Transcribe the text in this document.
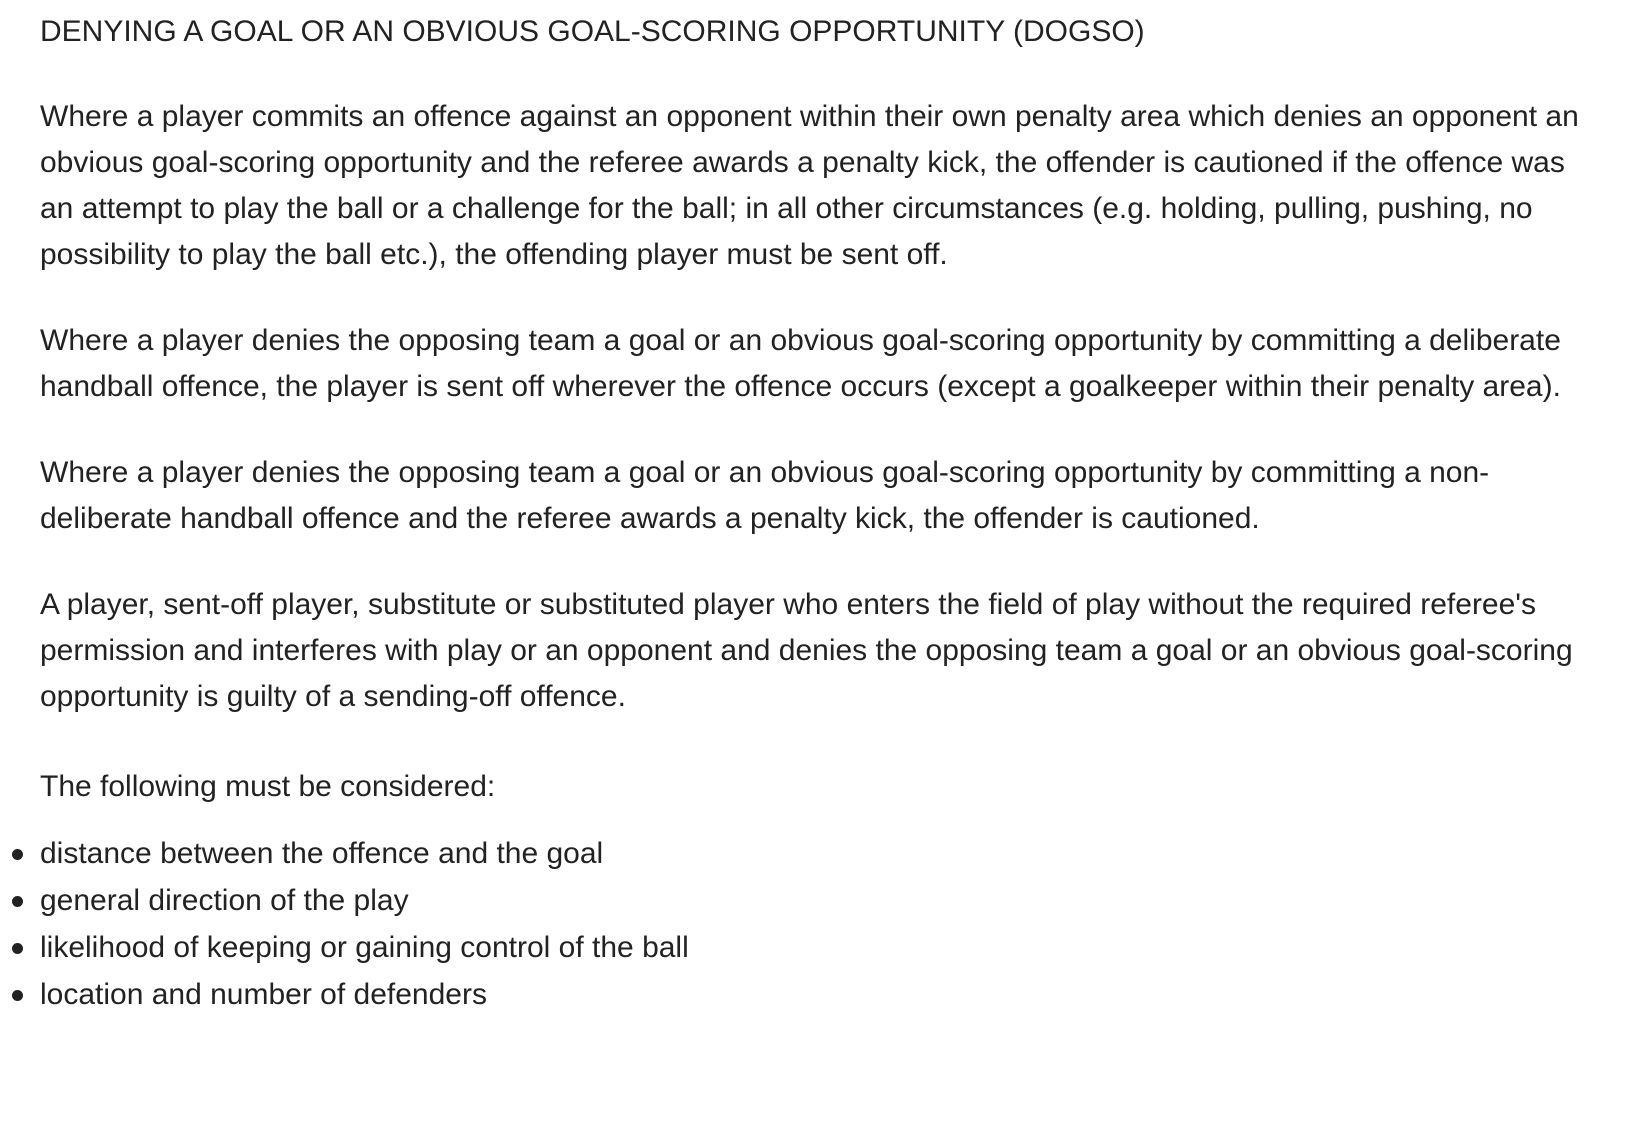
DENYING A GOAL OR AN OBVIOUS GOAL-SCORING OPPORTUNITY (DOGSO)

Where a player commits an offence against an opponent within their own penalty area which denies an opponent an obvious goal-scoring opportunity and the referee awards a penalty kick, the offender is cautioned if the offence was an attempt to play the ball or a challenge for the ball; in all other circumstances (e.g. holding, pulling, pushing, no possibility to play the ball etc.), the offending player must be sent off.

Where a player denies the opposing team a goal or an obvious goal-scoring opportunity by committing a deliberate handball offence, the player is sent off wherever the offence occurs (except a goalkeeper within their penalty area).

Where a player denies the opposing team a goal or an obvious goal-scoring opportunity by committing a non-deliberate handball offence and the referee awards a penalty kick, the offender is cautioned.

A player, sent-off player, substitute or substituted player who enters the field of play without the required referee's permission and interferes with play or an opponent and denies the opposing team a goal or an obvious goal-scoring opportunity is guilty of a sending-off offence.

The following must be considered:

distance between the offence and the goal
general direction of the play
likelihood of keeping or gaining control of the ball
location and number of defenders
